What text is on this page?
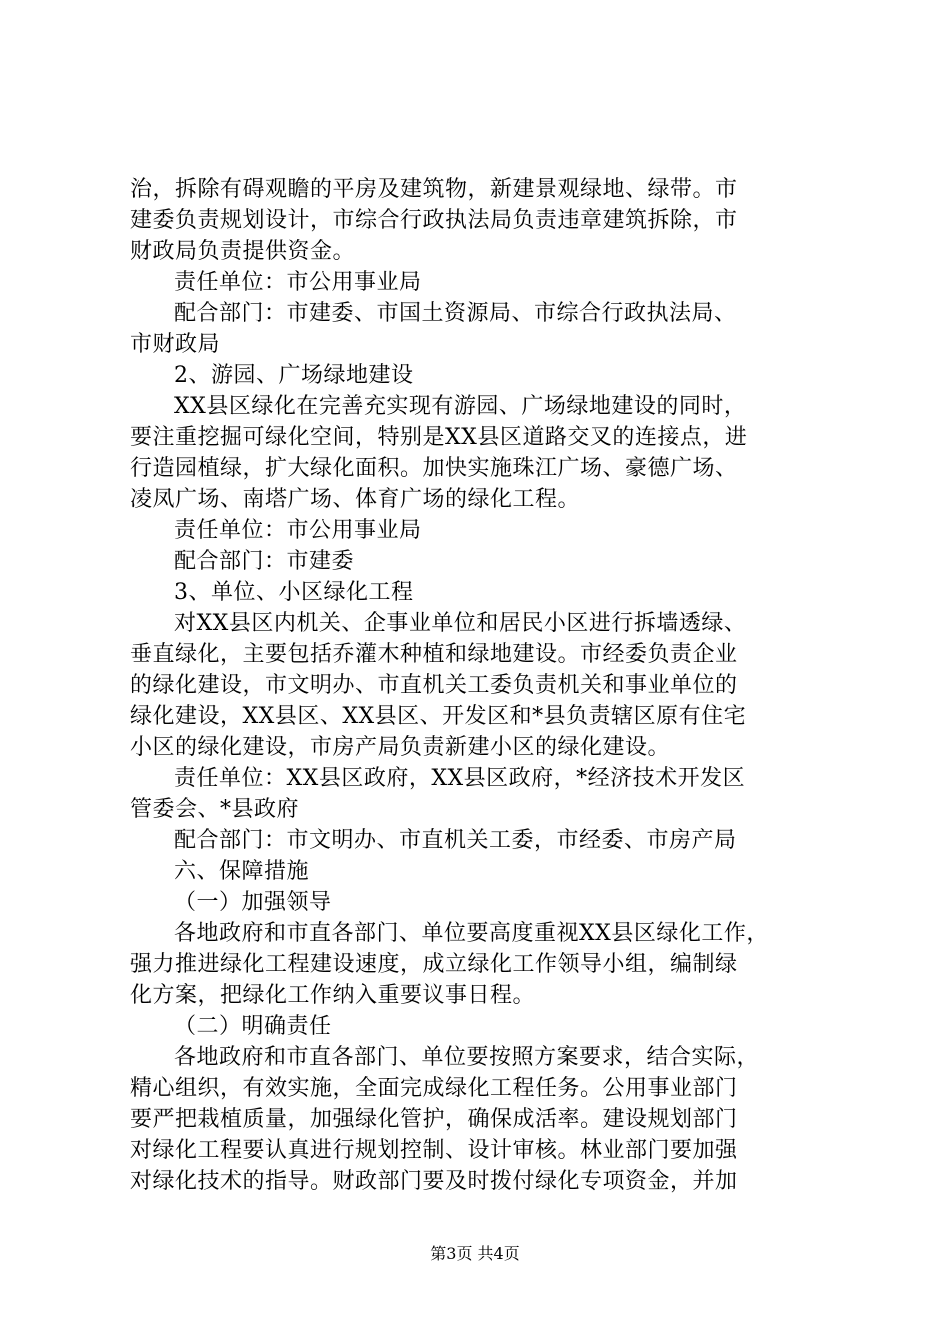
治，拆除有碍观瞻的平房及建筑物，新建景观绿地、绿带。市
建委负责规划设计，市综合行政执法局负责违章建筑拆除，市
财政局负责提供资金。
责任单位：市公用事业局
配合部门：市建委、市国土资源局、市综合行政执法局、
市财政局
2、游园、广场绿地建设
XX县区绿化在完善充实现有游园、广场绿地建设的同时，
要注重挖掘可绿化空间，特别是XX县区道路交叉的连接点，进
行造园植绿，扩大绿化面积。加快实施珠江广场、豪德广场、
凌凤广场、南塔广场、体育广场的绿化工程。
责任单位：市公用事业局
配合部门：市建委
3、单位、小区绿化工程
对XX县区内机关、企事业单位和居民小区进行拆墙透绿、
垂直绿化，主要包括乔灌木种植和绿地建设。市经委负责企业
的绿化建设，市文明办、市直机关工委负责机关和事业单位的
绿化建设，XX县区、XX县区、开发区和*县负责辖区原有住宅
小区的绿化建设，市房产局负责新建小区的绿化建设。
责任单位：XX县区政府，XX县区政府，*经济技术开发区
管委会、*县政府
配合部门：市文明办、市直机关工委，市经委、市房产局
六、保障措施
（一）加强领导
各地政府和市直各部门、单位要高度重视XX县区绿化工作，
强力推进绿化工程建设速度，成立绿化工作领导小组，编制绿
化方案，把绿化工作纳入重要议事日程。
（二）明确责任
各地政府和市直各部门、单位要按照方案要求，结合实际，
精心组织，有效实施，全面完成绿化工程任务。公用事业部门
要严把栽植质量，加强绿化管护，确保成活率。建设规划部门
对绿化工程要认真进行规划控制、设计审核。林业部门要加强
对绿化技术的指导。财政部门要及时拨付绿化专项资金，并加
第3页 共4页
